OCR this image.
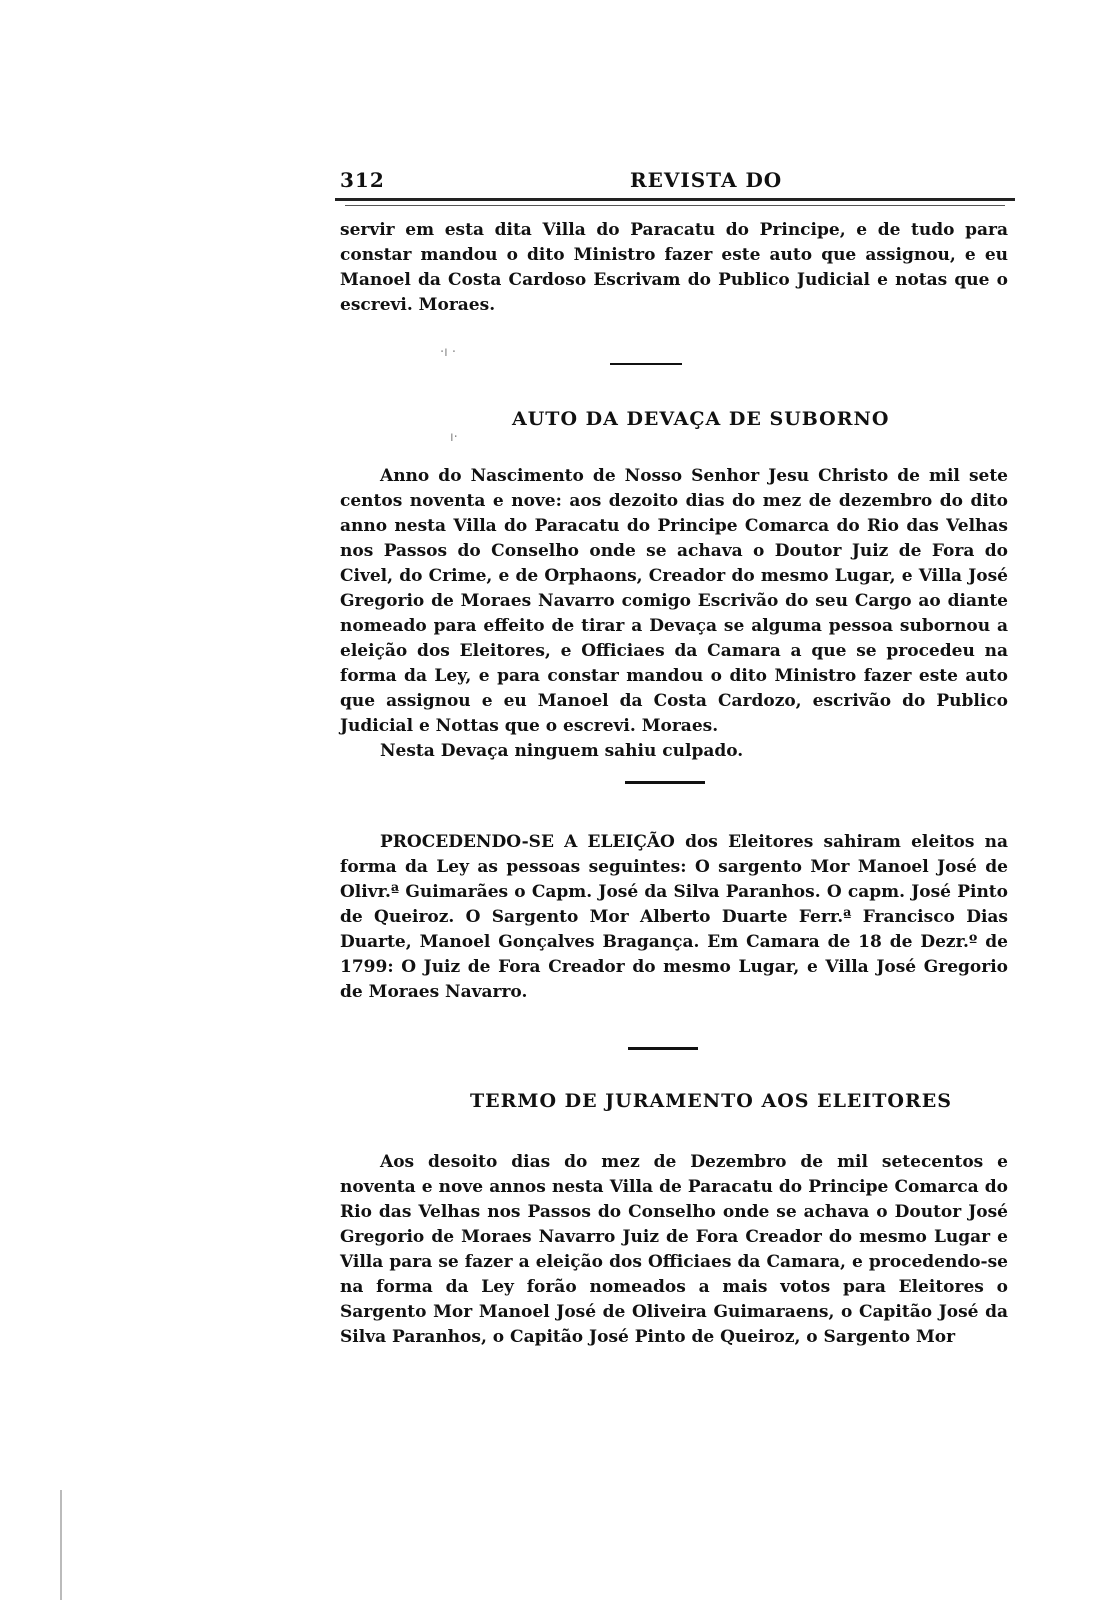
312	REVISTA DO

servir em esta dita Villa do Paracatu do Principe, e de tudo para constar mandou o dito Ministro fazer este auto que assignou, e eu Manoel da Costa Cardoso Escrivam do Publico Judicial e notas que o escrevi. Moraes.

·ı ·
ı·
AUTO DA DEVAÇA DE SUBORNO

Anno do Nascimento de Nosso Senhor Jesu Christo de mil sete centos noventa e nove: aos dezoito dias do mez de dezembro do dito anno nesta Villa do Paracatu do Principe Comarca do Rio das Velhas nos Passos do Conselho onde se achava o Doutor Juiz de Fora do Civel, do Crime, e de Orphaons, Creador do mesmo Lugar, e Villa José Gregorio de Moraes Navarro comigo Escrivão do seu Cargo ao diante nomeado para effeito de tirar a Devaça se alguma pessoa subornou a eleição dos Eleitores, e Officiaes da Camara a que se procedeu na forma da Ley, e para constar mandou o dito Ministro fazer este auto que assignou e eu Manoel da Costa Cardozo, escrivão do Publico Judicial e Nottas que o escrevi. Moraes.

Nesta Devaça ninguem sahiu culpado.

PROCEDENDO-SE A ELEIÇÃO dos Eleitores sahiram eleitos na forma da Ley as pessoas seguintes: O sargento Mor Manoel José de Olivr.ª Guimarães o Capm. José da Silva Paranhos. O capm. José Pinto de Queiroz. O Sargento Mor Alberto Duarte Ferr.ª Francisco Dias Duarte, Manoel Gonçalves Bragança. Em Camara de 18 de Dezr.º de 1799: O Juiz de Fora Creador do mesmo Lugar, e Villa José Gregorio de Moraes Navarro.

TERMO DE JURAMENTO AOS ELEITORES

Aos desoito dias do mez de Dezembro de mil setecentos e noventa e nove annos nesta Villa de Paracatu do Principe Comarca do Rio das Velhas nos Passos do Conselho onde se achava o Doutor José Gregorio de Moraes Navarro Juiz de Fora Creador do mesmo Lugar e Villa para se fazer a eleição dos Officiaes da Camara, e procedendo-se na forma da Ley forão nomeados a mais votos para Eleitores o Sargento Mor Manoel José de Oliveira Guimaraens, o Capitão José da Silva Paranhos, o Capitão José Pinto de Queiroz, o Sargento Mor
